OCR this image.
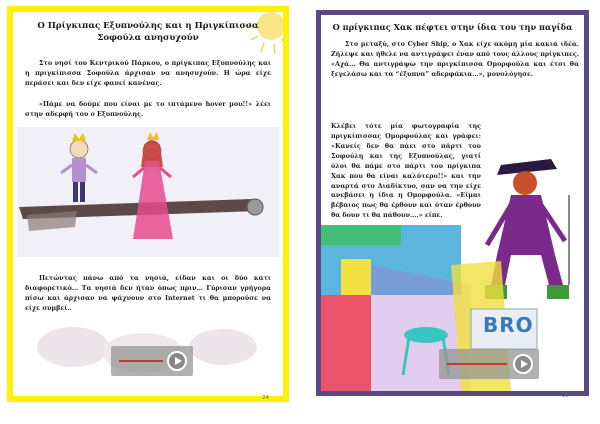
Ο Πρίγκιπας Εξυπνούλης και η Πριγκίπισσα
Σοφούλα ανησυχούν

Στο νησί του Κεντρικού Πάρκου, ο πρίγκιπας Εξυπνούλης και η πριγκίπισσα Σοφούλα άρχισαν να ανησυχούν. Η ώρα είχε περάσει και δεν είχε φανεί κανένας.

«Πάμε να δούμε που είναι με το ιπτάμενο hover μου!!» λέει στην αδερφή του ο Εξυπνούλης.

Πετώντας πάνω από τα νησιά, είδαν και οι δύο κάτι διαφορετικό… Τα νησιά δεν ήταν όπως πριν… Γύρισαν γρήγορα πίσω και άρχισαν να ψάχνουν στο Internet τι θα μπορούσε να είχε συμβεί..

24
Ο πρίγκιπας Χακ πέφτει στην ίδια του την παγίδα

Στο μεταξύ, στο Cyber Ship, ο Χακ είχε ακόμη μία κακιά ιδέα. Ζήλεψε και ήθελε να αντιγράψει έναν από τους άλλους πρίγκιπες. «Αχά… Θα αντιγράψω την πριγκίπισσα Ομορφούλα και έτσι θα ξεγελάσω και τα “έξυπνα” αδερφάκια…», μονολόγησε.

Κλέβει τότε μία φωτογραφία της πριγκίπισσας Ομορφούλας και γράφει: «Κανείς δεν θα πάει στο πάρτι του Σοφούλη και της Εξυπνούλας, γιατί όλοι θα πάμε στο πάρτι του πρίγκιπα Χακ που θα είναι καλύτερο!!» και την αναρτά στο Διαδίκτυο, σαν να την είχε ανεβάσει η ίδια η Ομορφούλα. «Είμαι βέβαιος πως θα έρθουν και όταν έρθουν θα δουν τι θα πάθουν….» είπε.

BRO
25
